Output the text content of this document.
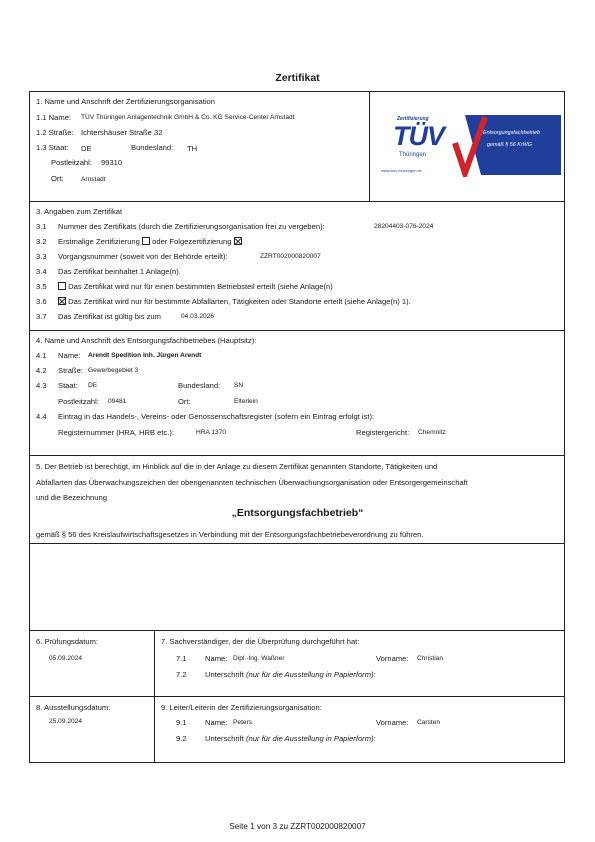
Zertifikat
1. Name und Anschrift der Zertifizierungsorganisation
1.1 Name: TÜV Thüringen Anlagentechnik GmbH & Co. KG Service-Center Arnstadt
1.2 Straße: Ichtershäuser Straße 32
1.3 Staat: DE	Bundesland: TH
Postleitzahl: 99310
Ort:	Arnstadt
Zertifizierung
TÜV
Thüringen
Entsorgungsfachbetrieb
gemäß § 56 KrWG
www.tuev-thueringen.de
3. Angaben zum Zertifikat
3.1 Nummer des Zertifikats (durch die Zertifizierungsorganisation frei zu vergeben):	28204403-076-2024
3.2 Erstmalige Zertifizierung oder Folgezertifizierung
3.3 Vorgangsnummer (soweit von der Behörde erteilt):	ZZRT002000820007
3.4 Das Zertifikat beinhaltet 1 Anlage(n).
3.5	Das Zertifikat wird nur für einen bestimmten Betriebsteil erteilt (siehe Anlage(n)
3.6	Das Zertifikat wird nur für bestimmte Abfallarten, Tätigkeiten oder Standorte erteilt (siehe Anlage(n) 1).
3.7 Das Zertifikat ist gültig bis zum	04.03.2026
4. Name und Anschrift des Entsorgungsfachbetriebes (Hauptsitz):
4.1 Name: Arendt Spedition Inh. Jürgen Arendt
4.2 Straße: Gewerbegebiet 3
4.3 Staat: DE	Bundesland: SN
Postleitzahl: 09481	Ort:	Elterlein
4.4 Eintrag in das Handels-, Vereins- oder Genossenschaftsregister (sofern ein Eintrag erfolgt ist):
Registernummer (HRA, HRB etc.):	HRA 1370	Registergericht: Chemnitz
5. Der Betrieb ist berechtigt, im Hinblick auf die in der Anlage zu diesem Zertifikat genannten Standorte, Tätigkeiten und
Abfallarten das Überwachungszeichen der obengenannten technischen Überwachungsorganisation oder Entsorgergemeinschaft
und die Bezeichnung
„Entsorgungsfachbetrieb“
gemäß § 56 des Kreislaufwirtschaftsgesetzes in Verbindung mit der Entsorgungsfachbetriebeverordnung zu führen.
6. Prüfungsdatum:
05.09.2024
7. Sachverständiger, der die Überprüfung durchgeführt hat:
7.1 Name: Dipl.-Ing. Waßner	Vorname: Christian
7.2 Unterschrift (nur für die Ausstellung in Papierform):
8. Ausstellungsdatum:
25.09.2024
9. Leiter/Leiterin der Zertifizierungsorganisation:
9.1 Name: Peters	Vorname: Carsten
9.2 Unterschrift (nur für die Ausstellung in Papierform):
Seite 1 von 3 zu ZZRT002000820007
